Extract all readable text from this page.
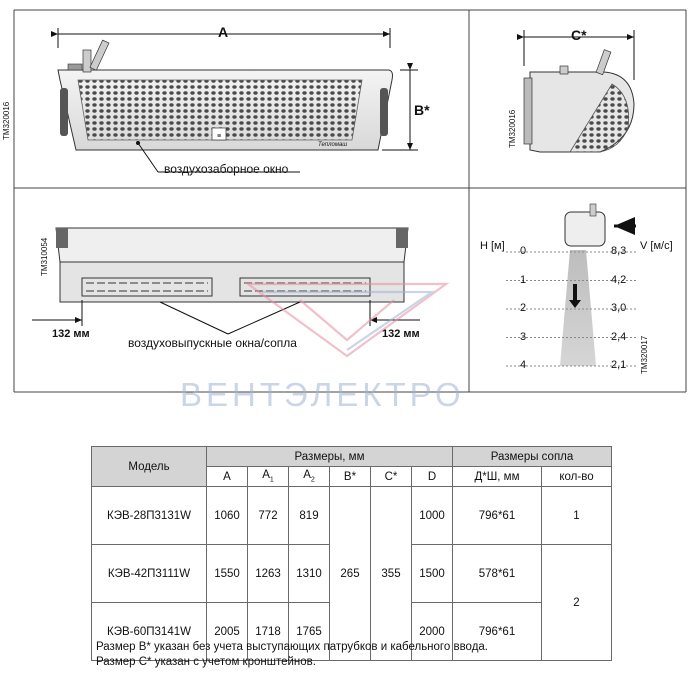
≡
A
B*
ТМ320016
Тепломаш
воздухозаборное окно
C*
ТМ320016
ТМ310054
132 мм	132 мм
воздуховыпускные окна/сопла
H [м]	V [м/с]
ТМ320017
0	8,3
1	4,2
2	3,0
3	2,4
4	2,1
ВЕНТЭЛЕКТРО
Модель	Размеры, мм						Размеры сопла	
	A	$A_1$	$A_2$	B*	C*	D	Д*Ш, мм	кол-во
КЭВ-28П3131W	1060	772	819	265	355	1000	796*61	1
КЭВ-42П3111W	1550	1263	1310			1500	578*61	2
КЭВ-60П3141W	2005	1718	1765			2000	796*61	
Размер B* указан без учета выступающих патрубков и кабельного ввода.
Размер C* указан с учетом кронштейнов.
